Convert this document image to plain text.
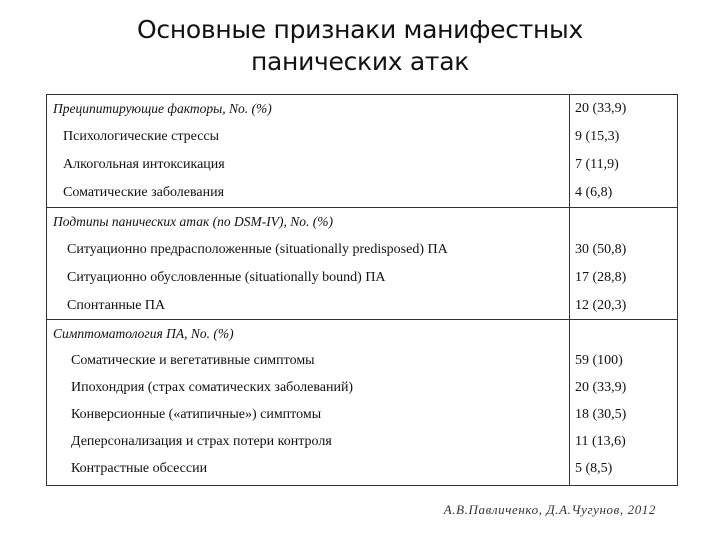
Основные признаки манифестных
панических атак
Преципитирующие факторы, No. (%)	20 (33,9)
Психологические стрессы	9 (15,3)
Алкогольная интоксикация	7 (11,9)
Соматические заболевания	4 (6,8)
Подтипы панических атак (по DSM-IV), No. (%)
Ситуационно предрасположенные (situationally predisposed) ПА	30 (50,8)
Ситуационно обусловленные (situationally bound) ПА	17 (28,8)
Спонтанные ПА	12 (20,3)
Симптоматология ПА, No. (%)
Соматические и вегетативные симптомы	59 (100)
Ипохондрия (страх соматических заболеваний)	20 (33,9)
Конверсионные («атипичные») симптомы	18 (30,5)
Деперсонализация и страх потери контроля	11 (13,6)
Контрастные обсессии	5 (8,5)
А.В.Павличенко, Д.А.Чугунов, 2012
